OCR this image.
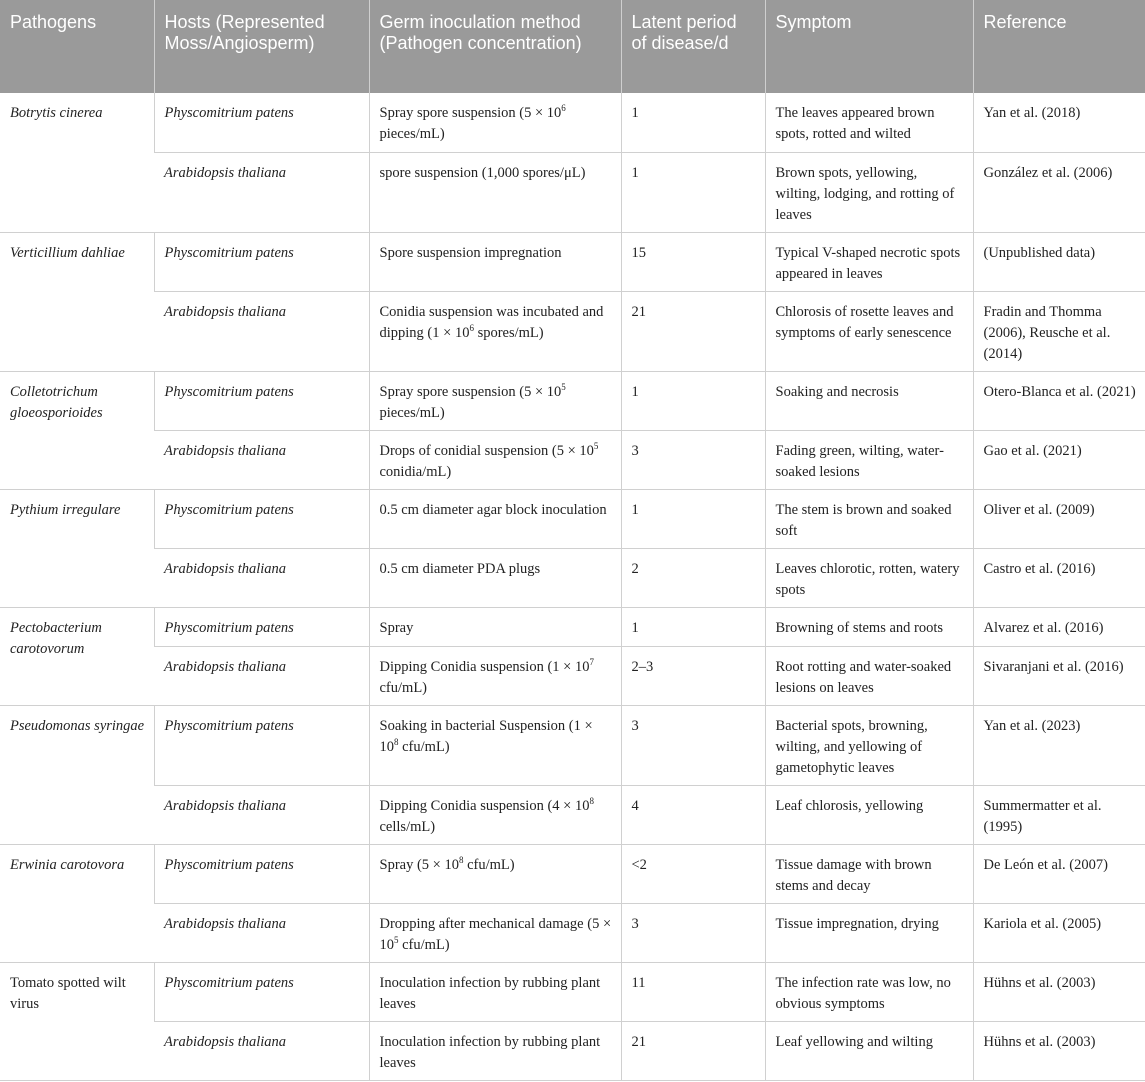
Pathogens	Hosts (Represented Moss/Angiosperm)	Germ inoculation method (Pathogen concentration)	Latent period of disease/d	Symptom	Reference
Botrytis cinerea	Physcomitrium patens	Spray spore suspension ($5 \times 10^6$ pieces/mL)	1	The leaves appeared brown spots, rotted and wilted	Yan et al. (2018)
	Arabidopsis thaliana	spore suspension (1,000 spores/μL)	1	Brown spots, yellowing, wilting, lodging, and rotting of leaves	González et al. (2006)
Verticillium dahliae	Physcomitrium patens	Spore suspension impregnation	15	Typical V-shaped necrotic spots appeared in leaves	(Unpublished data)
	Arabidopsis thaliana	Conidia suspension was incubated and dipping ($1 \times 10^6$ spores/mL)	21	Chlorosis of rosette leaves and symptoms of early senescence	Fradin and Thomma (2006), Reusche et al. (2014)
Colletotrichum gloeosporioides	Physcomitrium patens	Spray spore suspension ($5 \times 10^5$ pieces/mL)	1	Soaking and necrosis	Otero-Blanca et al. (2021)
	Arabidopsis thaliana	Drops of conidial suspension ($5 \times 10^5$ conidia/mL)	3	Fading green, wilting, water-soaked lesions	Gao et al. (2021)
Pythium irregulare	Physcomitrium patens	0.5 cm diameter agar block inoculation	1	The stem is brown and soaked soft	Oliver et al. (2009)
	Arabidopsis thaliana	0.5 cm diameter PDA plugs	2	Leaves chlorotic, rotten, watery spots	Castro et al. (2016)
Pectobacterium carotovorum	Physcomitrium patens	Spray	1	Browning of stems and roots	Alvarez et al. (2016)
	Arabidopsis thaliana	Dipping Conidia suspension ($1 \times 10^7$ cfu/mL)	2–3	Root rotting and water-soaked lesions on leaves	Sivaranjani et al. (2016)
Pseudomonas syringae	Physcomitrium patens	Soaking in bacterial Suspension ($1 \times 10^8$ cfu/mL)	3	Bacterial spots, browning, wilting, and yellowing of gametophytic leaves	Yan et al. (2023)
	Arabidopsis thaliana	Dipping Conidia suspension ($4 \times 10^8$ cells/mL)	4	Leaf chlorosis, yellowing	Summermatter et al. (1995)
Erwinia carotovora	Physcomitrium patens	Spray ($5 \times 10^8$ cfu/mL)	<2	Tissue damage with brown stems and decay	De León et al. (2007)
	Arabidopsis thaliana	Dropping after mechanical damage ($5 \times 10^5$ cfu/mL)	3	Tissue impregnation, drying	Kariola et al. (2005)
Tomato spotted wilt virus	Physcomitrium patens	Inoculation infection by rubbing plant leaves	11	The infection rate was low, no obvious symptoms	Hühns et al. (2003)
	Arabidopsis thaliana	Inoculation infection by rubbing plant leaves	21	Leaf yellowing and wilting	Hühns et al. (2003)
